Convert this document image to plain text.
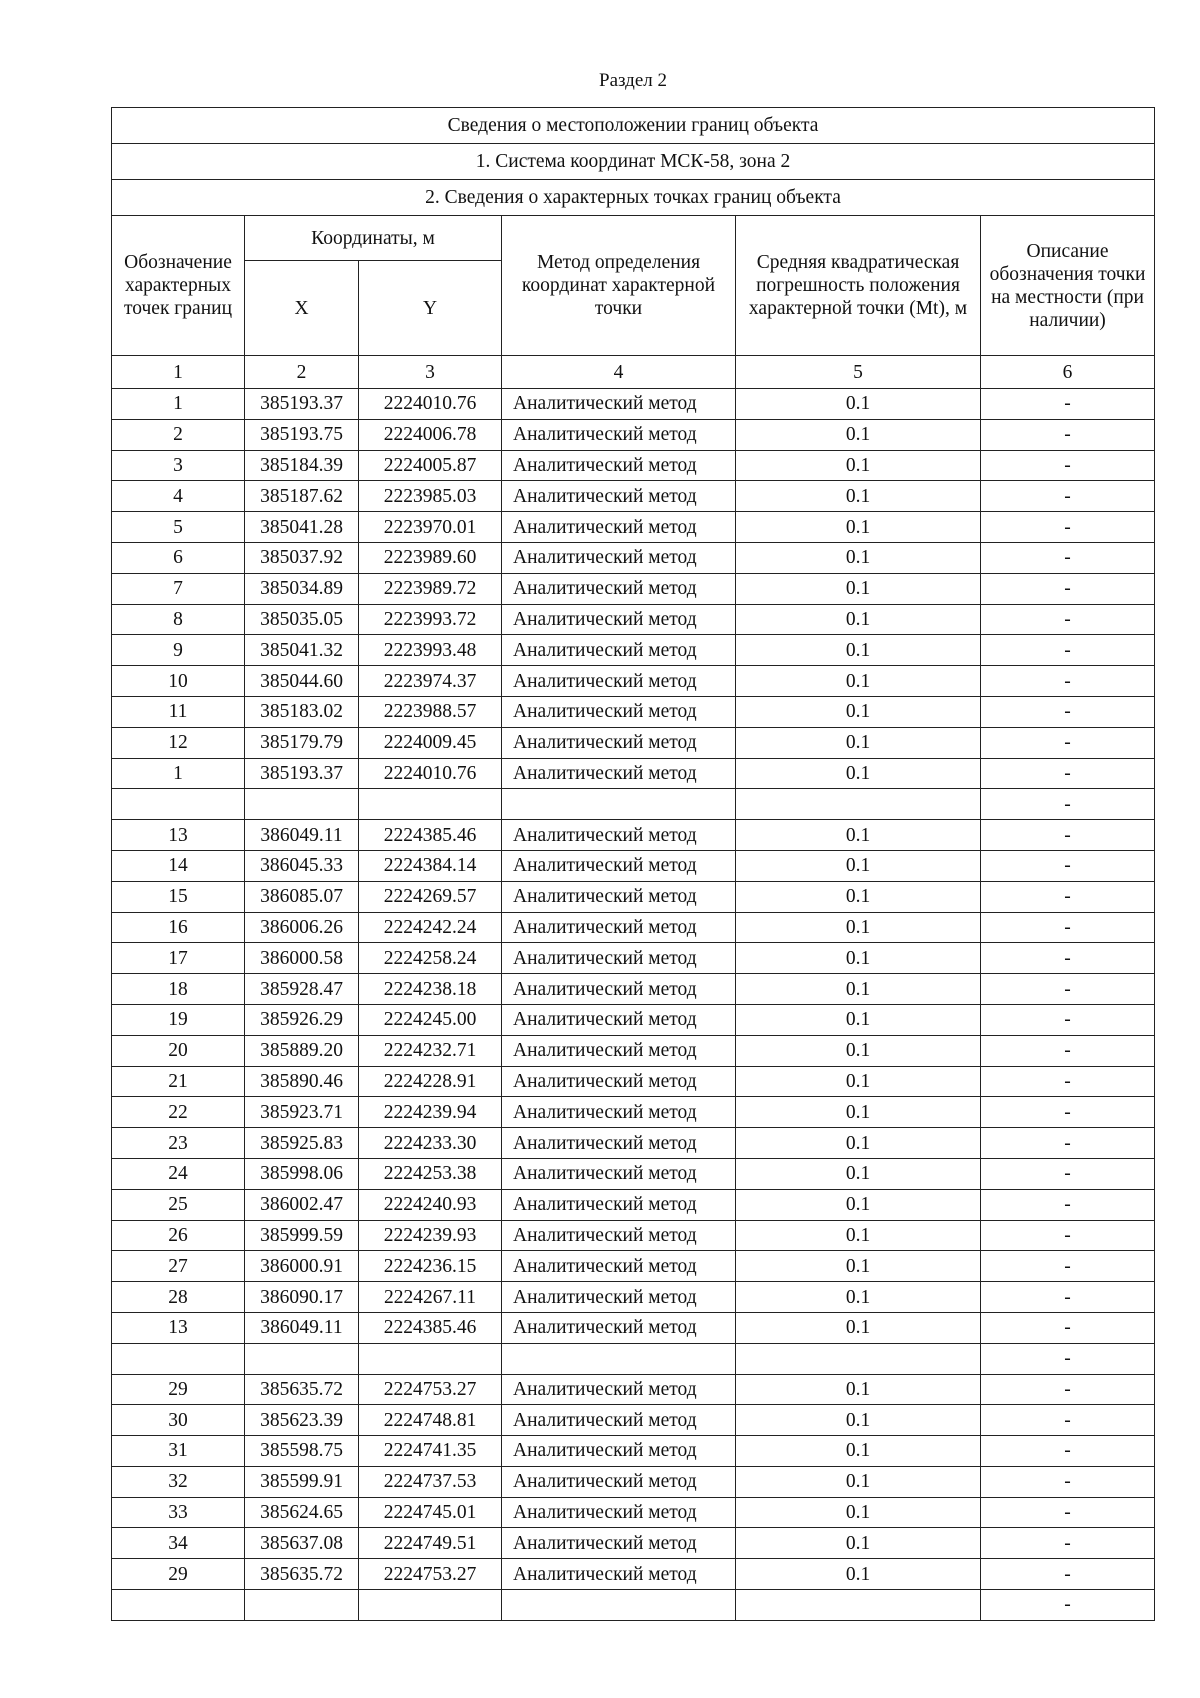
Раздел 2
Сведения о местоположении границ объекта					
1. Система координат МСК-58, зона 2					
2. Сведения о характерных точках границ объекта					
Обозначение характерных точек границ	Координаты, м		Метод определения координат характерной точки	Средняя квадратическая погрешность положения характерной точки (Mt), м	Описание обозначения точки на местности (при наличии)
	X	Y			
1	2	3	4	5	6
1	385193.37	2224010.76	Аналитический метод	0.1	-
2	385193.75	2224006.78	Аналитический метод	0.1	-
3	385184.39	2224005.87	Аналитический метод	0.1	-
4	385187.62	2223985.03	Аналитический метод	0.1	-
5	385041.28	2223970.01	Аналитический метод	0.1	-
6	385037.92	2223989.60	Аналитический метод	0.1	-
7	385034.89	2223989.72	Аналитический метод	0.1	-
8	385035.05	2223993.72	Аналитический метод	0.1	-
9	385041.32	2223993.48	Аналитический метод	0.1	-
10	385044.60	2223974.37	Аналитический метод	0.1	-
11	385183.02	2223988.57	Аналитический метод	0.1	-
12	385179.79	2224009.45	Аналитический метод	0.1	-
1	385193.37	2224010.76	Аналитический метод	0.1	-
					-
13	386049.11	2224385.46	Аналитический метод	0.1	-
14	386045.33	2224384.14	Аналитический метод	0.1	-
15	386085.07	2224269.57	Аналитический метод	0.1	-
16	386006.26	2224242.24	Аналитический метод	0.1	-
17	386000.58	2224258.24	Аналитический метод	0.1	-
18	385928.47	2224238.18	Аналитический метод	0.1	-
19	385926.29	2224245.00	Аналитический метод	0.1	-
20	385889.20	2224232.71	Аналитический метод	0.1	-
21	385890.46	2224228.91	Аналитический метод	0.1	-
22	385923.71	2224239.94	Аналитический метод	0.1	-
23	385925.83	2224233.30	Аналитический метод	0.1	-
24	385998.06	2224253.38	Аналитический метод	0.1	-
25	386002.47	2224240.93	Аналитический метод	0.1	-
26	385999.59	2224239.93	Аналитический метод	0.1	-
27	386000.91	2224236.15	Аналитический метод	0.1	-
28	386090.17	2224267.11	Аналитический метод	0.1	-
13	386049.11	2224385.46	Аналитический метод	0.1	-
					-
29	385635.72	2224753.27	Аналитический метод	0.1	-
30	385623.39	2224748.81	Аналитический метод	0.1	-
31	385598.75	2224741.35	Аналитический метод	0.1	-
32	385599.91	2224737.53	Аналитический метод	0.1	-
33	385624.65	2224745.01	Аналитический метод	0.1	-
34	385637.08	2224749.51	Аналитический метод	0.1	-
29	385635.72	2224753.27	Аналитический метод	0.1	-
					-
